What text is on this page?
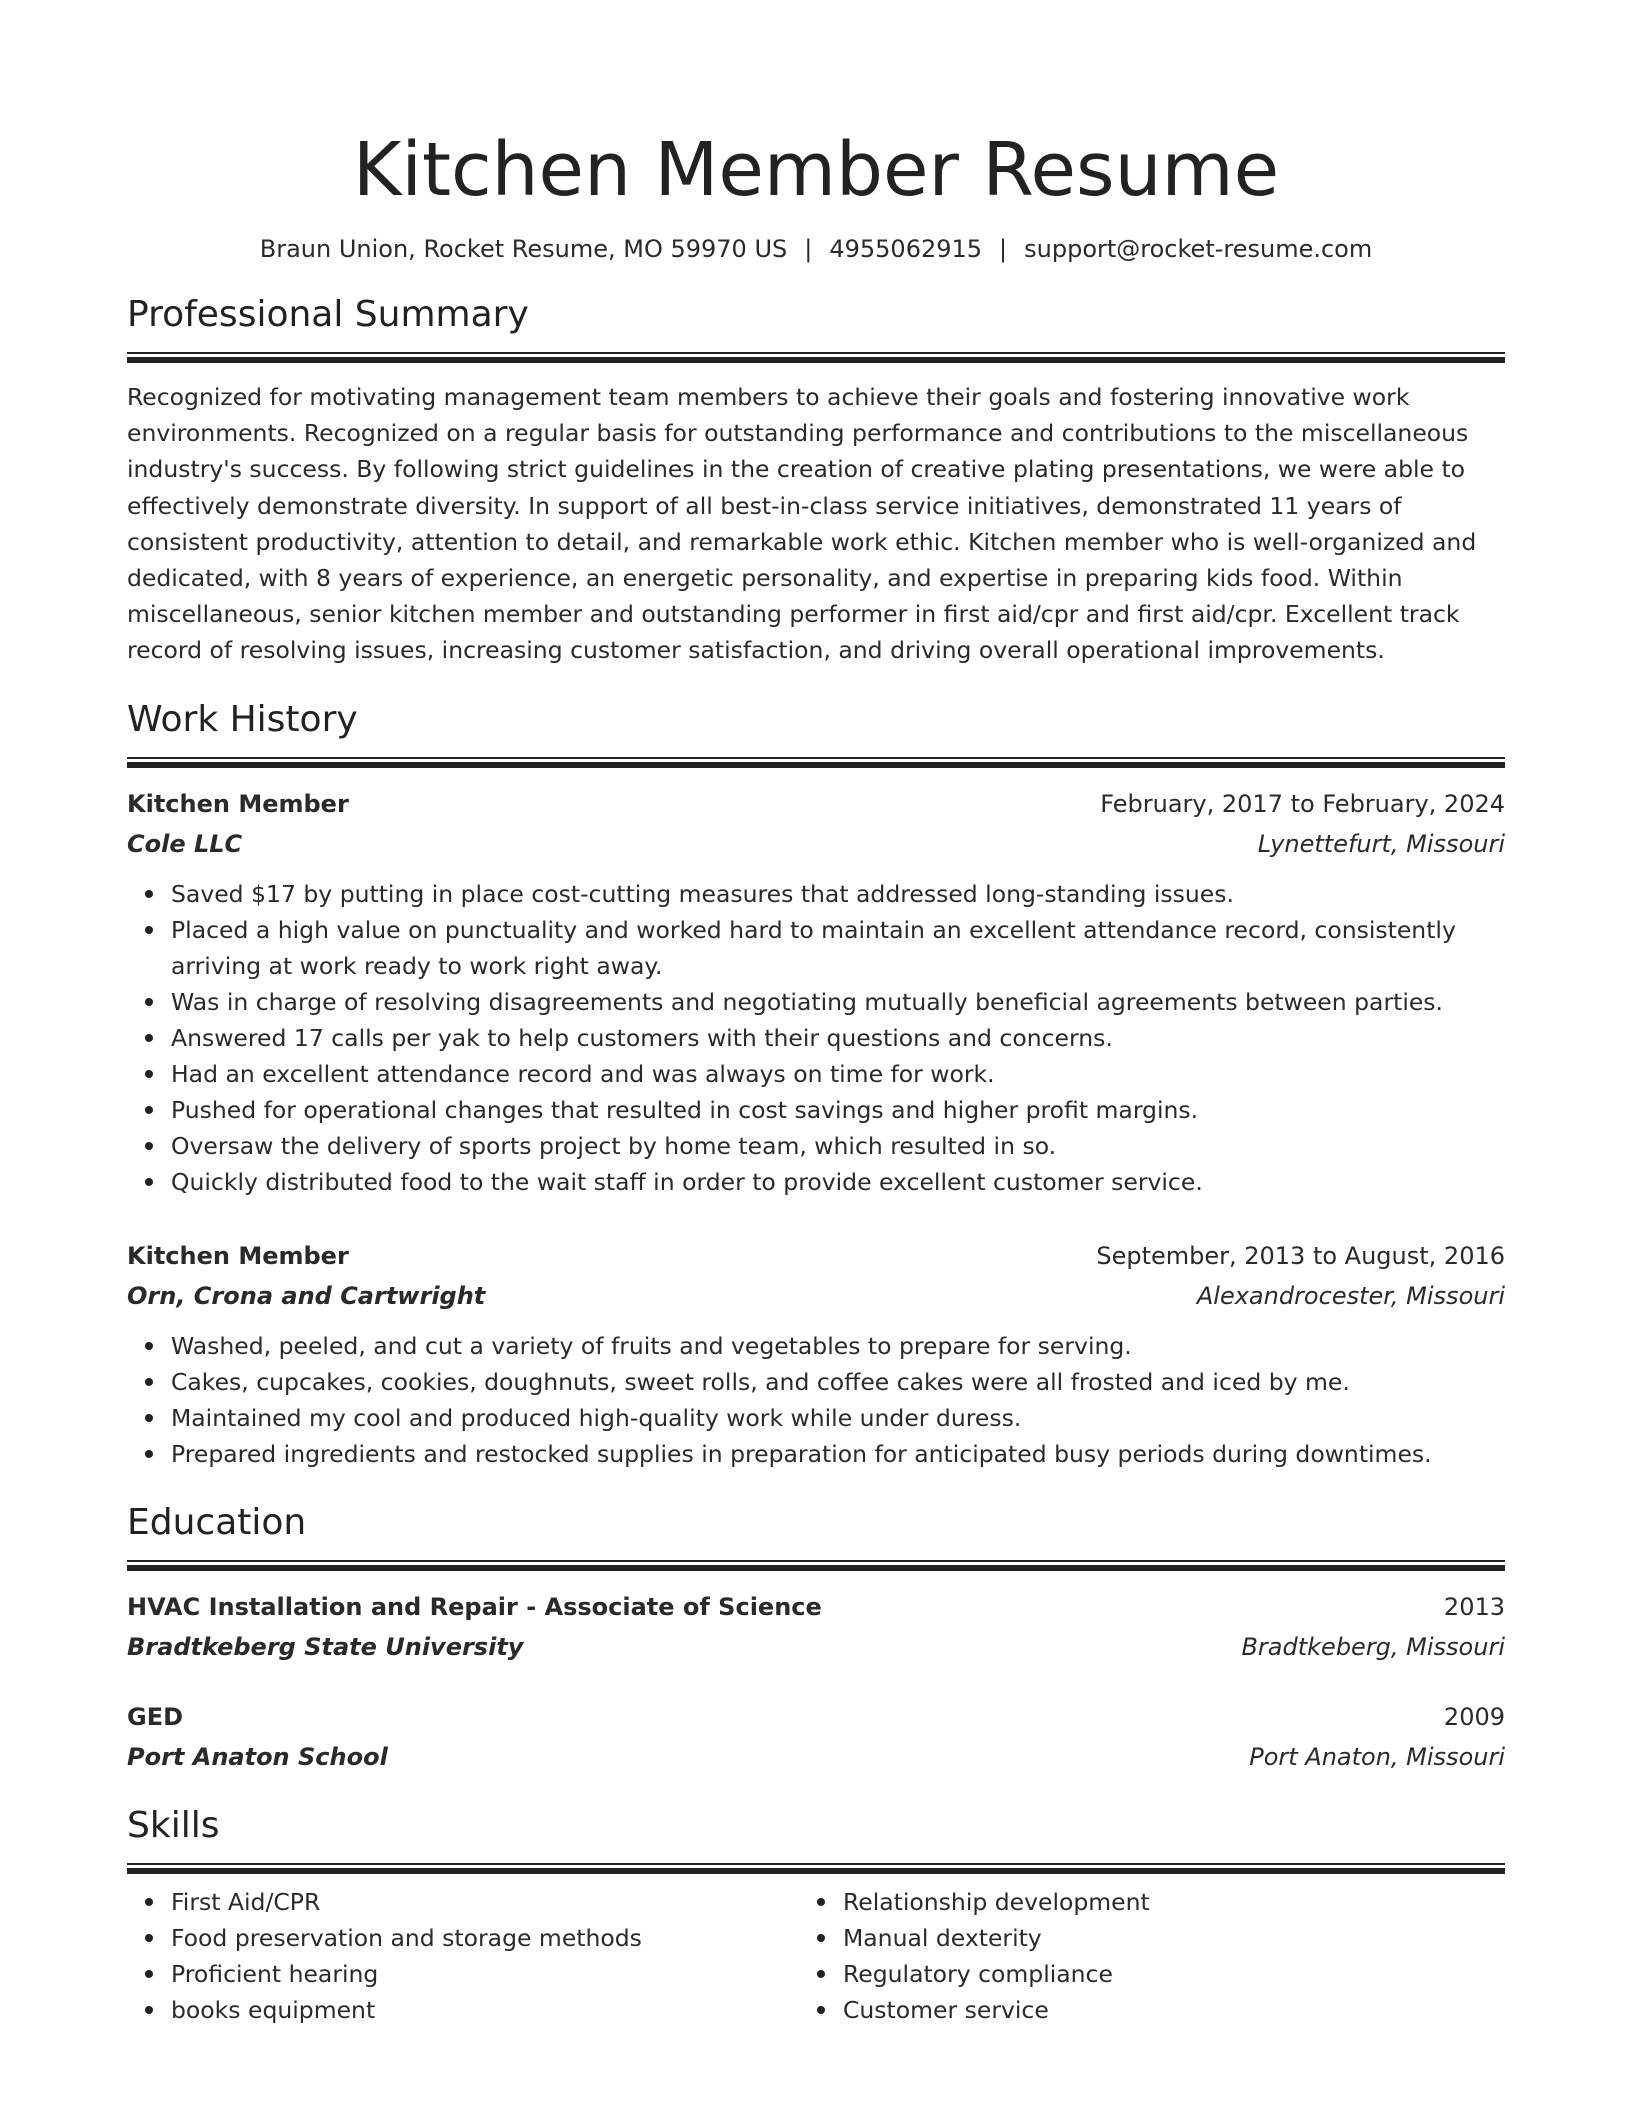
Kitchen Member Resume
Braun Union, Rocket Resume, MO 59970 US | 4955062915 | support@rocket-resume.com
Professional Summary
Recognized for motivating management team members to achieve their goals and fostering innovative work environments. Recognized on a regular basis for outstanding performance and contributions to the miscellaneous industry's success. By following strict guidelines in the creation of creative plating presentations, we were able to effectively demonstrate diversity. In support of all best-in-class service initiatives, demonstrated 11 years of consistent productivity, attention to detail, and remarkable work ethic. Kitchen member who is well-organized and dedicated, with 8 years of experience, an energetic personality, and expertise in preparing kids food. Within miscellaneous, senior kitchen member and outstanding performer in first aid/cpr and first aid/cpr. Excellent track record of resolving issues, increasing customer satisfaction, and driving overall operational improvements.
Work History
Kitchen Member	February, 2017 to February, 2024
Cole LLC	Lynettefurt, Missouri
Saved $17 by putting in place cost-cutting measures that addressed long-standing issues.
Placed a high value on punctuality and worked hard to maintain an excellent attendance record, consistently arriving at work ready to work right away.
Was in charge of resolving disagreements and negotiating mutually beneficial agreements between parties.
Answered 17 calls per yak to help customers with their questions and concerns.
Had an excellent attendance record and was always on time for work.
Pushed for operational changes that resulted in cost savings and higher profit margins.
Oversaw the delivery of sports project by home team, which resulted in so.
Quickly distributed food to the wait staff in order to provide excellent customer service.
Kitchen Member	September, 2013 to August, 2016
Orn, Crona and Cartwright	Alexandrocester, Missouri
Washed, peeled, and cut a variety of fruits and vegetables to prepare for serving.
Cakes, cupcakes, cookies, doughnuts, sweet rolls, and coffee cakes were all frosted and iced by me.
Maintained my cool and produced high-quality work while under duress.
Prepared ingredients and restocked supplies in preparation for anticipated busy periods during downtimes.
Education
HVAC Installation and Repair - Associate of Science	2013
Bradtkeberg State University	Bradtkeberg, Missouri
GED	2009
Port Anaton School	Port Anaton, Missouri
Skills
First Aid/CPR
Food preservation and storage methods
Proficient hearing
books equipment
Relationship development
Manual dexterity
Regulatory compliance
Customer service
